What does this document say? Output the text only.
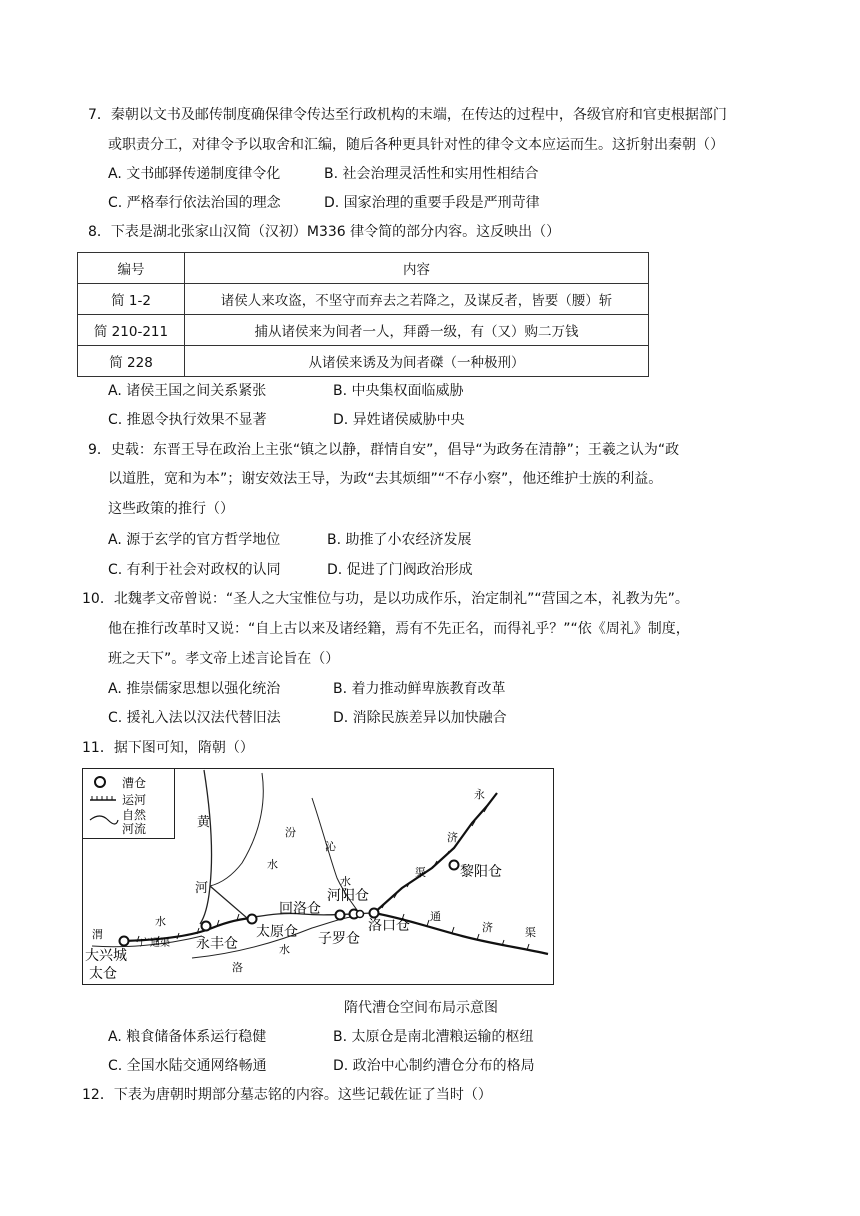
7．秦朝以文书及邮传制度确保律令传达至行政机构的末端，在传达的过程中，各级官府和官吏根据部门
或职责分工，对律令予以取舍和汇编，随后各种更具针对性的律令文本应运而生。这折射出秦朝（）
A. 文书邮驿传递制度律令化	B. 社会治理灵活性和实用性相结合
C. 严格奉行依法治国的理念	D. 国家治理的重要手段是严刑苛律
8．下表是湖北张家山汉简（汉初）M336 律令简的部分内容。这反映出（）
编号	内容
简 1-2	诸侯人来攻盗，不坚守而弃去之若降之，及谋反者，皆要（腰）斩
简 210-211	捕从诸侯来为间者一人，拜爵一级，有（又）购二万钱
简 228	从诸侯来诱及为间者磔（一种极刑）
A. 诸侯王国之间关系紧张	B. 中央集权面临威胁
C. 推恩令执行效果不显著	D. 异姓诸侯威胁中央
9．史载：东晋王导在政治上主张“镇之以静，群情自安”，倡导“为政务在清静”；王羲之认为“政
以道胜，宽和为本”；谢安效法王导，为政“去其烦细”“不存小察”，他还维护士族的利益。
这些政策的推行（）
A. 源于玄学的官方哲学地位	B. 助推了小农经济发展
C. 有利于社会对政权的认同	D. 促进了门阀政治形成
10．北魏孝文帝曾说：“圣人之大宝惟位与功，是以功成作乐，治定制礼”“营国之本，礼教为先”。
他在推行改革时又说：“自上古以来及诸经籍，焉有不先正名，而得礼乎？”“依《周礼》制度，
班之天下”。孝文帝上述言论旨在（）
A. 推崇儒家思想以强化统治	B. 着力推动鲜卑族教育改革
C. 援礼入法以汉法代替旧法	D. 消除民族差异以加快融合
11．据下图可知，隋朝（）
漕仓
运河
自然
河流	黄
河
汾
水
沁
水
永
济
渠
通
济	渠
渭
水
洛
水
广通渠
黎阳仓
河阳仓
回洛仓
洛口仓
太原仓 子罗仓
永丰仓
大兴城
太仓
隋代漕仓空间布局示意图
A. 粮食储备体系运行稳健	B. 太原仓是南北漕粮运输的枢纽
C. 全国水陆交通网络畅通	D. 政治中心制约漕仓分布的格局
12．下表为唐朝时期部分墓志铭的内容。这些记载佐证了当时（）
